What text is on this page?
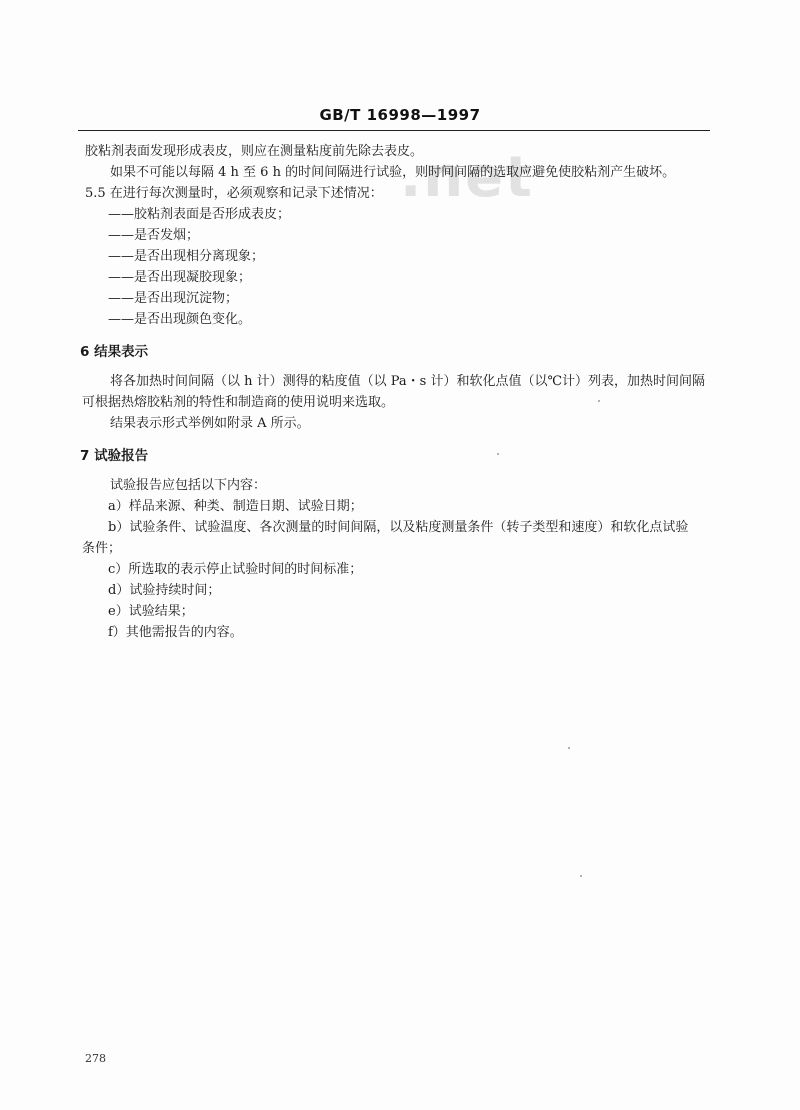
GB/T 16998—1997
.net
胶粘剂表面发现形成表皮，则应在测量粘度前先除去表皮。
如果不可能以每隔 4 h 至 6 h 的时间间隔进行试验，则时间间隔的选取应避免使胶粘剂产生破坏。
5.5 在进行每次测量时，必须观察和记录下述情况：
——胶粘剂表面是否形成表皮；
——是否发烟；
——是否出现相分离现象；
——是否出现凝胶现象；
——是否出现沉淀物；
——是否出现颜色变化。
6 结果表示
将各加热时间间隔（以 h 计）测得的粘度值（以 Pa・s 计）和软化点值（以℃计）列表，加热时间间隔
可根据热熔胶粘剂的特性和制造商的使用说明来选取。
结果表示形式举例如附录 A 所示。
7 试验报告
试验报告应包括以下内容：
a）样品来源、种类、制造日期、试验日期；
b）试验条件、试验温度、各次测量的时间间隔，以及粘度测量条件（转子类型和速度）和软化点试验
条件；
c）所选取的表示停止试验时间的时间标准；
d）试验持续时间；
e）试验结果；
f）其他需报告的内容。
278
